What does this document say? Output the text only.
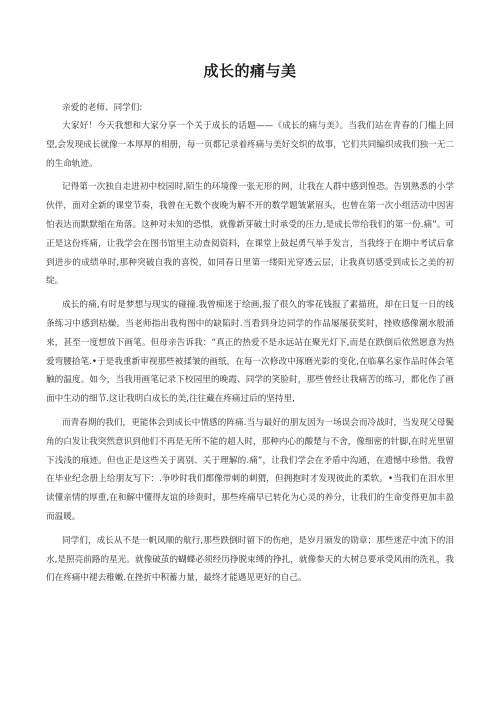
成长的痛与美

亲爱的老师、同学们:

大家好！今天我想和大家分享一个关于成长的话题——《成长的痛与美》。当我们站在青春的门槛上回望,会发现成长就像一本厚厚的相册，每一页都记录着疼痛与美好交织的故事，它们共同编织成我们独一无二的生命轨迹。

记得第一次独自走进初中校园时,陌生的环境像一张无形的网，让我在人群中感到惶恐。告别熟悉的小学伙伴，面对全新的课堂节奏，我曾在无数个夜晚为解不开的数学题皱紧眉头，也曾在第一次小组活动中因害怕表达而默默缩在角落。这种对未知的恐惧，就像新芽破土时承受的压力,是成长带给我们的第一份.痛”。可正是这份疼痛，让我学会在图书馆里主动查阅资料，在课堂上鼓起勇气举手发言，当我终于在期中考试后拿到进步的成绩单时,那种突破自我的喜悦，如同春日里第一缕阳光穿透云层，让我真切感受到成长之美的初绽。

成长的痛,有时是梦想与现实的碰撞.我曾痴迷于绘画,报了很久的零花钱报了素描班，却在日复一日的线条练习中感到枯燥。当老师指出我构图中的缺陷时.当看到身边同学的作品屡屡获奖时，挫败感像潮水般涌来，甚至一度想放下画笔。但母亲告诉我：“真正的热爱不是永远站在聚光灯下,而是在跌倒后依然愿意为热爱弯腰拾笔.•于是我重新审视那些被揉皱的画纸，在每一次修改中琢磨光影的变化,在临摹名家作品时体会笔触的温度。如今，当我用画笔记录下校园里的晚霞、同学的笑脸时，那些曾经让我痛苦的练习，都化作了画面中生动的细节.这让我明白成长的美,往往藏在疼痛过后的坚持里,

而青春期的我们，更能体会到成长中情感的阵痛.当与最好的朋友因为一场误会而冷战时，当发现父母鬓角的白发让我突然意识到他们不再是无所不能的超人时，那种内心的酸楚与不舍，像细密的针脚,在时光里留下浅浅的痕迹。但也正是这些关于离别、关于理解的.痛”，让我们学会在矛盾中沟通，在遗憾中珍惜。我曾在毕业纪念册上给朋友写下：.争吵时我们都像带刺的刺猬，但拥抱时才发现彼此的柔软。•当我们在泪水里读懂亲情的厚重,在和解中懂得友谊的珍贵时，那些疼痛早已转化为心灵的养分，让我们的生命变得更加丰盈而温暖。

同学们，成长从不是一帆风顺的航行,那些跌倒时留下的伤疤，是岁月颁发的勋章；那些迷茫中流下的泪水,是照亮前路的星光。就像破茧的蝴蝶必须经历挣脱束缚的挣扎，就像参天的大树总要承受风雨的洗礼，我们在疼痛中褪去稚嫩.在挫折中积蓄力量，最终才能遇见更好的自己。
